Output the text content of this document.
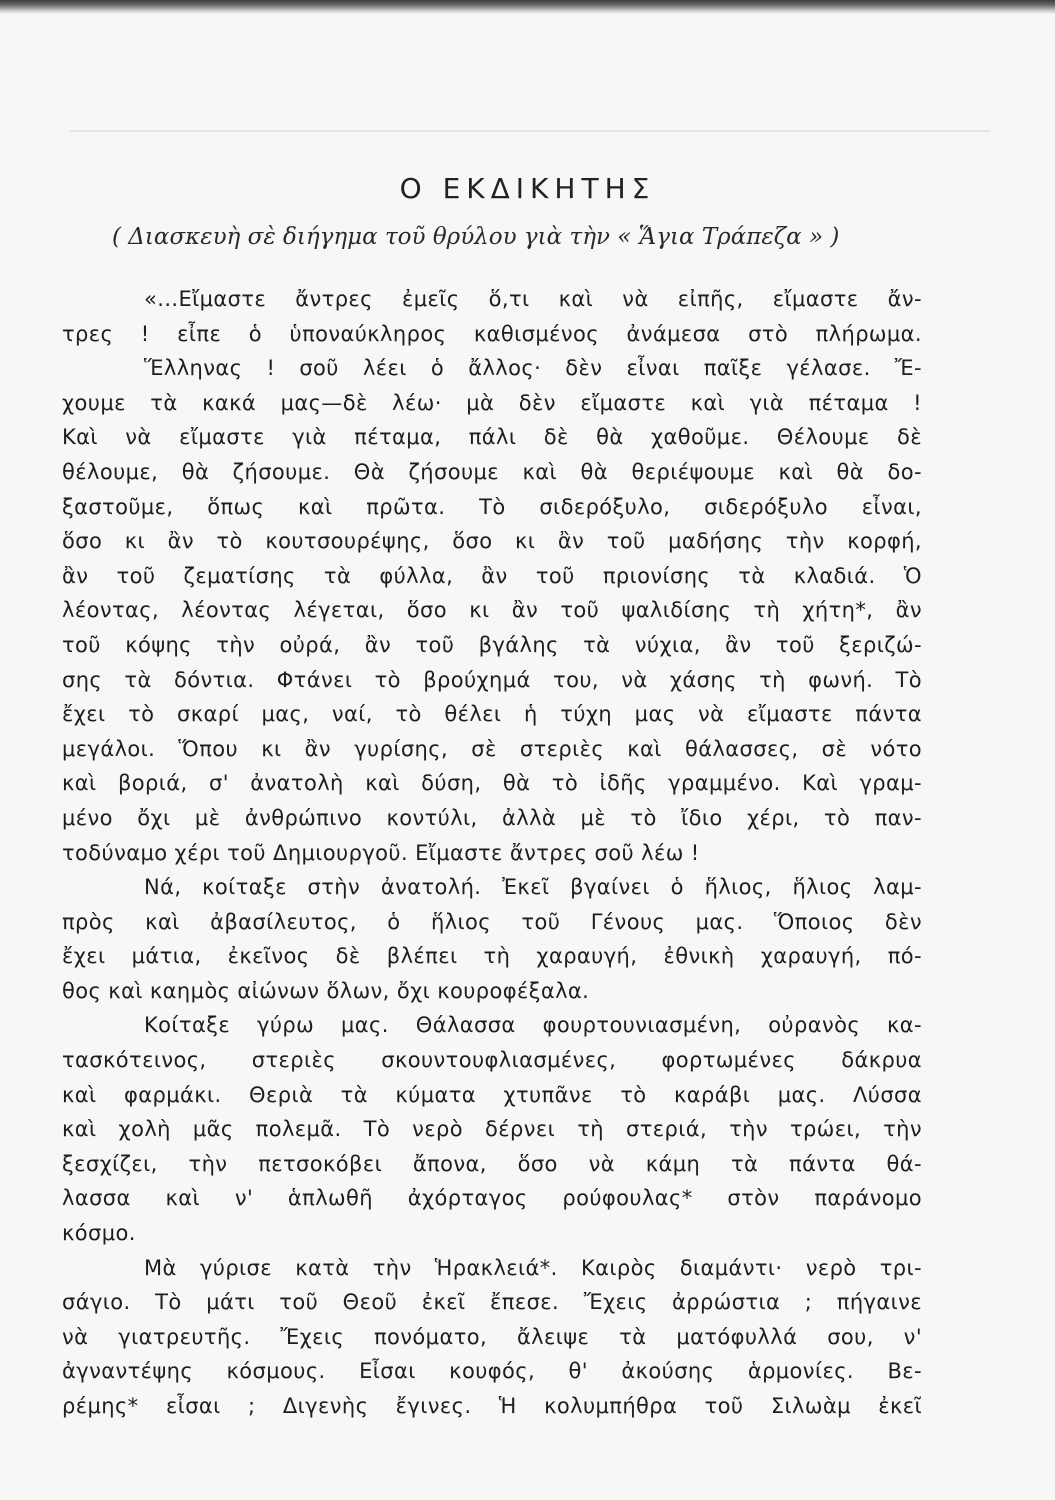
Ο ΕΚΔΙΚΗΤΗΣ

( Διασκευὴ σὲ διήγημα τοῦ θρύλου γιὰ τὴν « Ἅγια Τράπεζα » )

«...Εἴμαστε ἄντρες ἐμεῖς ὅ,τι καὶ νὰ εἰπῆς, εἴμαστε ἄν-
τρες ! εἶπε ὁ ὑποναύκληρος καθισμένος ἀνάμεσα στὸ πλήρωμα.
Ἕλληνας ! σοῦ λέει ὁ ἄλλος· δὲν εἶναι παῖξε γέλασε. Ἔ-
χουμε τὰ κακά μας—δὲ λέω· μὰ δὲν εἴμαστε καὶ γιὰ πέταμα !
Καὶ νὰ εἴμαστε γιὰ πέταμα, πάλι δὲ θὰ χαθοῦμε. Θέλουμε δὲ
θέλουμε, θὰ ζήσουμε. Θὰ ζήσουμε καὶ θὰ θεριέψουμε καὶ θὰ δο-
ξαστοῦμε, ὅπως καὶ πρῶτα. Τὸ σιδερόξυλο, σιδερόξυλο εἶναι,
ὅσο κι ἂν τὸ κουτσουρέψης, ὅσο κι ἂν τοῦ μαδήσης τὴν κορφή,
ἂν τοῦ ζεματίσης τὰ φύλλα, ἂν τοῦ πριονίσης τὰ κλαδιά. Ὁ
λέοντας, λέοντας λέγεται, ὅσο κι ἂν τοῦ ψαλιδίσης τὴ χήτη*, ἂν
τοῦ κόψης τὴν οὐρά, ἂν τοῦ βγάλης τὰ νύχια, ἂν τοῦ ξεριζώ-
σης τὰ δόντια. Φτάνει τὸ βρούχημά του, νὰ χάσης τὴ φωνή. Τὸ
ἔχει τὸ σκαρί μας, ναί, τὸ θέλει ἡ τύχη μας νὰ εἴμαστε πάντα
μεγάλοι. Ὅπου κι ἂν γυρίσης, σὲ στεριὲς καὶ θάλασσες, σὲ νότο
καὶ βοριά, σ' ἀνατολὴ καὶ δύση, θὰ τὸ ἰδῆς γραμμένο. Καὶ γραμ-
μένο ὄχι μὲ ἀνθρώπινο κοντύλι, ἀλλὰ μὲ τὸ ἴδιο χέρι, τὸ παν-
τοδύναμο χέρι τοῦ Δημιουργοῦ. Εἴμαστε ἄντρες σοῦ λέω !
Νά, κοίταξε στὴν ἀνατολή. Ἐκεῖ βγαίνει ὁ ἥλιος, ἥλιος λαμ-
πρὸς καὶ ἀβασίλευτος, ὁ ἥλιος τοῦ Γένους μας. Ὅποιος δὲν
ἔχει μάτια, ἐκεῖνος δὲ βλέπει τὴ χαραυγή, ἐθνικὴ χαραυγή, πό-
θος καὶ καημὸς αἰώνων ὅλων, ὄχι κουροφέξαλα.
Κοίταξε γύρω μας. Θάλασσα φουρτουνιασμένη, οὐρανὸς κα-
τασκότεινος, στεριὲς σκουντουφλιασμένες, φορτωμένες δάκρυα
καὶ φαρμάκι. Θεριὰ τὰ κύματα χτυπᾶνε τὸ καράβι μας. Λύσσα
καὶ χολὴ μᾶς πολεμᾶ. Τὸ νερὸ δέρνει τὴ στεριά, τὴν τρώει, τὴν
ξεσχίζει, τὴν πετσοκόβει ἄπονα, ὅσο νὰ κάμη τὰ πάντα θά-
λασσα καὶ ν' ἁπλωθῆ ἀχόρταγος ρούφουλας* στὸν παράνομο
κόσμο.
Μὰ γύρισε κατὰ τὴν Ἡρακλειά*. Καιρὸς διαμάντι· νερὸ τρι-
σάγιο. Τὸ μάτι τοῦ Θεοῦ ἐκεῖ ἔπεσε. Ἔχεις ἀρρώστια ; πήγαινε
νὰ γιατρευτῆς. Ἔχεις πονόματο, ἄλειψε τὰ ματόφυλλά σου, ν'
ἀγναντέψης κόσμους. Εἶσαι κουφός, θ' ἀκούσης ἁρμονίες. Βε-
ρέμης* εἶσαι ; Διγενὴς ἔγινες. Ἡ κολυμπήθρα τοῦ Σιλωὰμ ἐκεῖ
